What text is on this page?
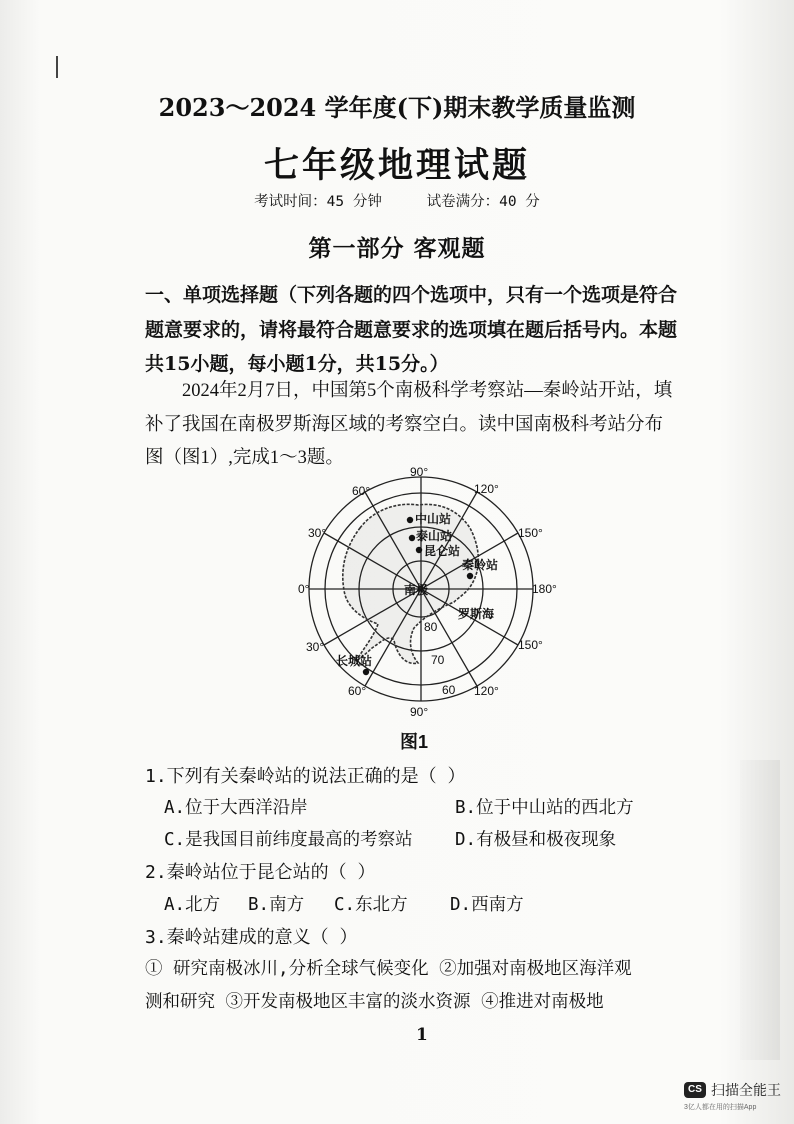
2023～2024 学年度(下)期末教学质量监测
七年级地理试题
考试时间：45 分钟	试卷满分：40 分
第一部分 客观题
一、单项选择题（下列各题的四个选项中，只有一个选项是符合
题意要求的，请将最符合题意要求的选项填在题后括号内。本题
共15小题，每小题1分，共15分。）
2024年2月7日，中国第5个南极科学考察站—秦岭站开站，填
补了我国在南极罗斯海区域的考察空白。读中国南极科考站分布
图（图1）,完成1～3题。
90°
90°
0°	180°
60°
30°
120°
150°
30°
60°
150°
120°
80
70
60
南极
中山站
泰山站
昆仑站
秦岭站
罗斯海
长城站
图1
1.下列有关秦岭站的说法正确的是（ ）
A.位于大西洋沿岸	B.位于中山站的西北方
C.是我国目前纬度最高的考察站 D.有极昼和极夜现象
2.秦岭站位于昆仑站的（ ）
A.北方 B.南方 C.东北方 D.西南方
3.秦岭站建成的意义（ ）
① 研究南极冰川,分析全球气候变化 ②加强对南极地区海洋观
测和研究 ③开发南极地区丰富的淡水资源 ④推进对南极地
1
CS 扫描全能王
3亿人都在用的扫描App
